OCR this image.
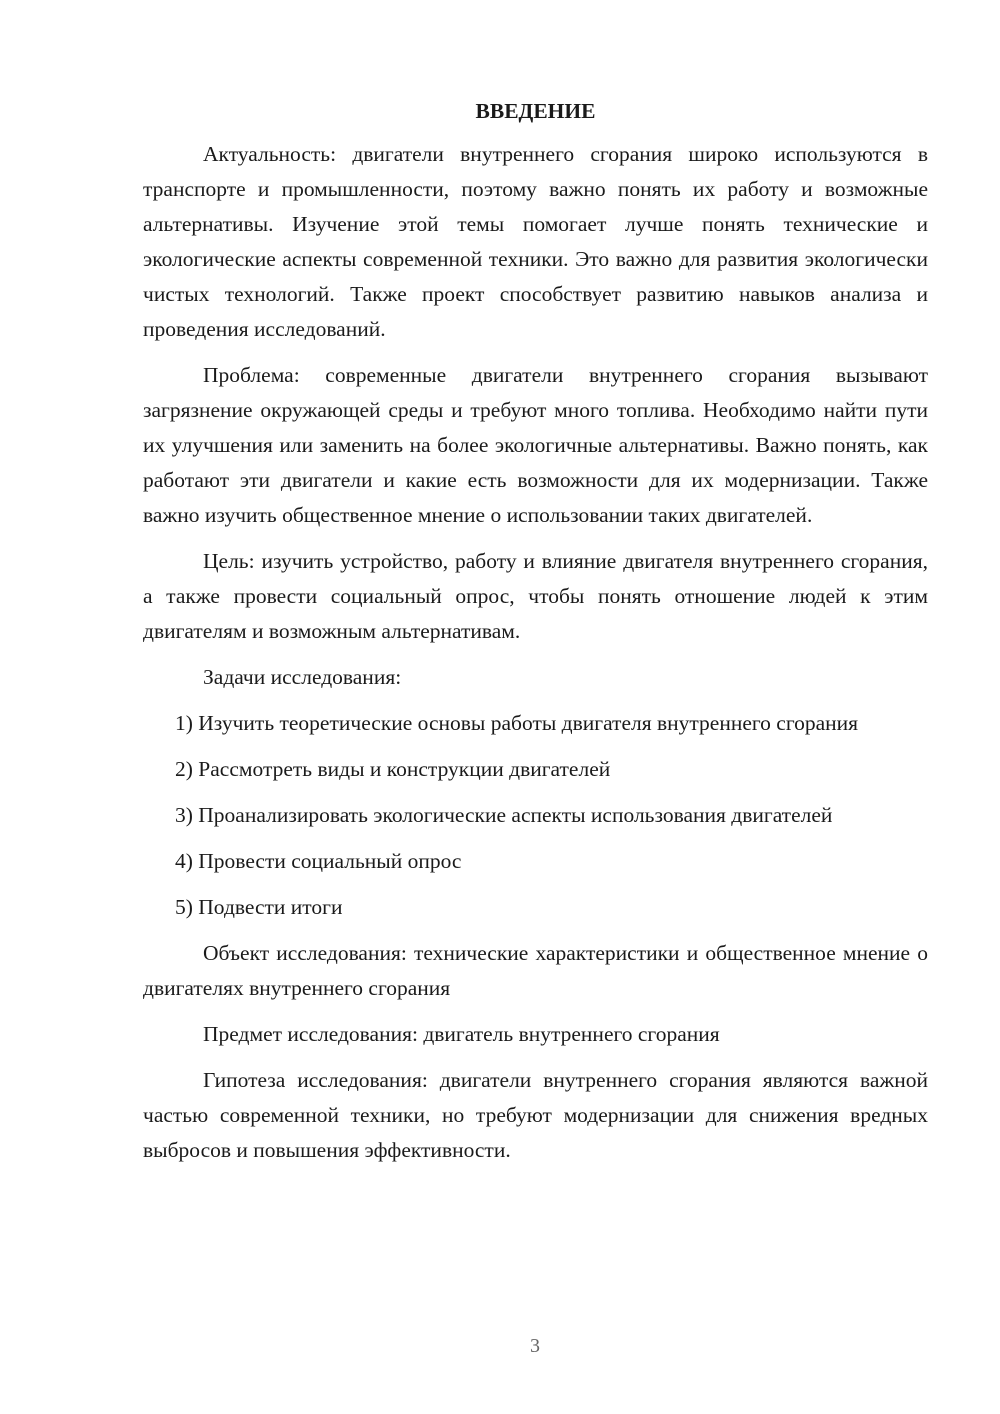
ВВЕДЕНИЕ
Актуальность: двигатели внутреннего сгорания широко используются в транспорте и промышленности, поэтому важно понять их работу и возможные альтернативы. Изучение этой темы помогает лучше понять технические и экологические аспекты современной техники. Это важно для развития экологически чистых технологий. Также проект способствует развитию навыков анализа и проведения исследований.
Проблема: современные двигатели внутреннего сгорания вызывают загрязнение окружающей среды и требуют много топлива. Необходимо найти пути их улучшения или заменить на более экологичные альтернативы. Важно понять, как работают эти двигатели и какие есть возможности для их модернизации. Также важно изучить общественное мнение о использовании таких двигателей.
Цель: изучить устройство, работу и влияние двигателя внутреннего сгорания, а также провести социальный опрос, чтобы понять отношение людей к этим двигателям и возможным альтернативам.
Задачи исследования:
1) Изучить теоретические основы работы двигателя внутреннего сгорания
2) Рассмотреть виды и конструкции двигателей
3) Проанализировать экологические аспекты использования двигателей
4) Провести социальный опрос
5) Подвести итоги
Объект исследования: технические характеристики и общественное мнение о двигателях внутреннего сгорания
Предмет исследования: двигатель внутреннего сгорания
Гипотеза исследования: двигатели внутреннего сгорания являются важной частью современной техники, но требуют модернизации для снижения вредных выбросов и повышения эффективности.
3
